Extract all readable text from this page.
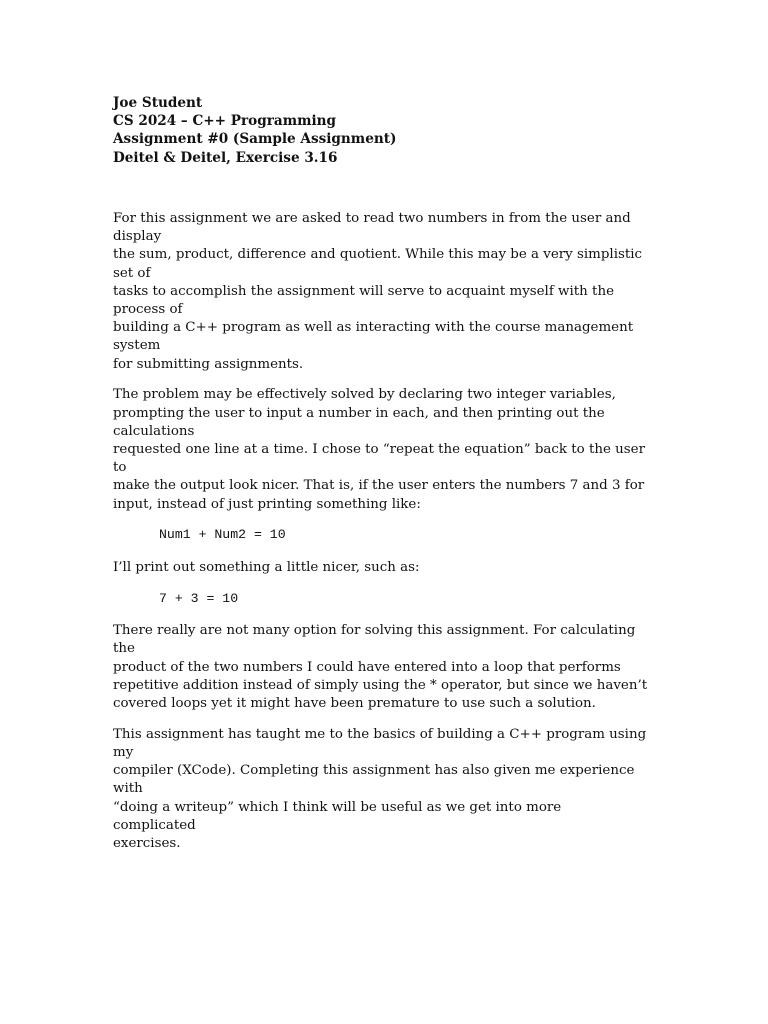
Joe Student
CS 2024 – C++ Programming
Assignment #0 (Sample Assignment)
Deitel & Deitel, Exercise 3.16

For this assignment we are asked to read two numbers in from the user and display
the sum, product, difference and quotient. While this may be a very simplistic set of
tasks to accomplish the assignment will serve to acquaint myself with the process of
building a C++ program as well as interacting with the course management system
for submitting assignments.

The problem may be effectively solved by declaring two integer variables,
prompting the user to input a number in each, and then printing out the calculations
requested one line at a time. I chose to “repeat the equation” back to the user to
make the output look nicer. That is, if the user enters the numbers 7 and 3 for
input, instead of just printing something like:

Num1 + Num2 = 10

I’ll print out something a little nicer, such as:

7 + 3 = 10

There really are not many option for solving this assignment. For calculating the
product of the two numbers I could have entered into a loop that performs
repetitive addition instead of simply using the * operator, but since we haven’t
covered loops yet it might have been premature to use such a solution.

This assignment has taught me to the basics of building a C++ program using my
compiler (XCode). Completing this assignment has also given me experience with
“doing a writeup” which I think will be useful as we get into more complicated
exercises.
